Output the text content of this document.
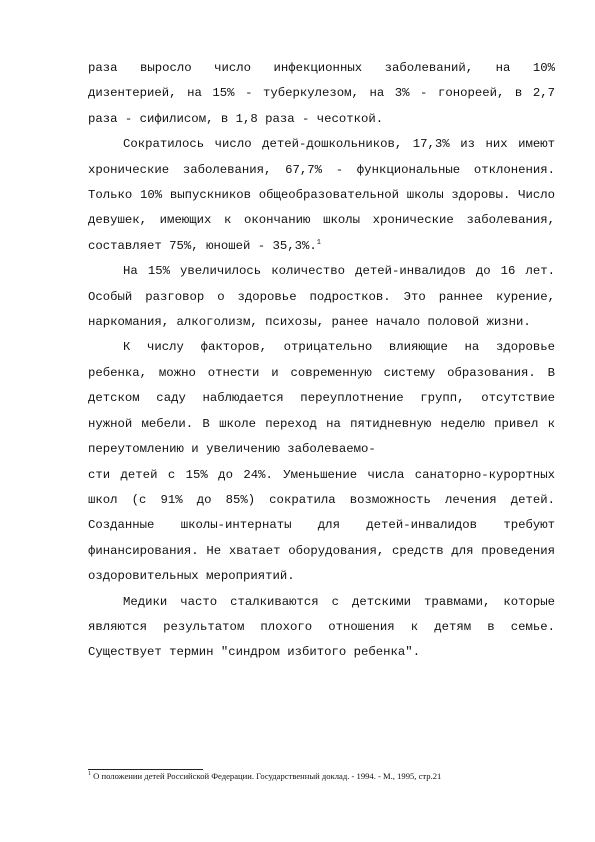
раза выросло число инфекционных заболеваний, на 10% дизентерией, на 15% - туберкулезом, на 3% - гонореей, в 2,7 раза - сифилисом, в 1,8 раза - чесоткой.

Сократилось число детей-дошкольников, 17,3% из них имеют хронические заболевания, 67,7% - функциональные отклонения. Только 10% выпускников общеобразовательной школы здоровы. Число девушек, имеющих к окончанию школы хронические заболевания, составляет 75%, юношей - 35,3%.$^1$

На 15% увеличилось количество детей-инвалидов до 16 лет. Особый разговор о здоровье подростков. Это раннее курение, наркомания, алкоголизм, психозы, ранее начало половой жизни.

К числу факторов, отрицательно влияющие на здоровье ребенка, можно отнести и современную систему образования. В детском саду наблюдается переуплотнение групп, отсутствие нужной мебели. В школе переход на пятидневную неделю привел к переутомлению и увеличению заболеваемо-

сти детей с 15% до 24%. Уменьшение числа санаторно-курортных школ (с 91% до 85%) сократила возможность лечения детей. Созданные школы-интернаты для детей-инвалидов требуют финансирования. Не хватает оборудования, средств для проведения оздоровительных мероприятий.

Медики часто сталкиваются с детскими травмами, которые являются результатом плохого отношения к детям в семье. Существует термин "синдром избитого ребенка".

$^1$ О положении детей Российской Федерации. Государственный доклад. - 1994. - М., 1995, стр.21
